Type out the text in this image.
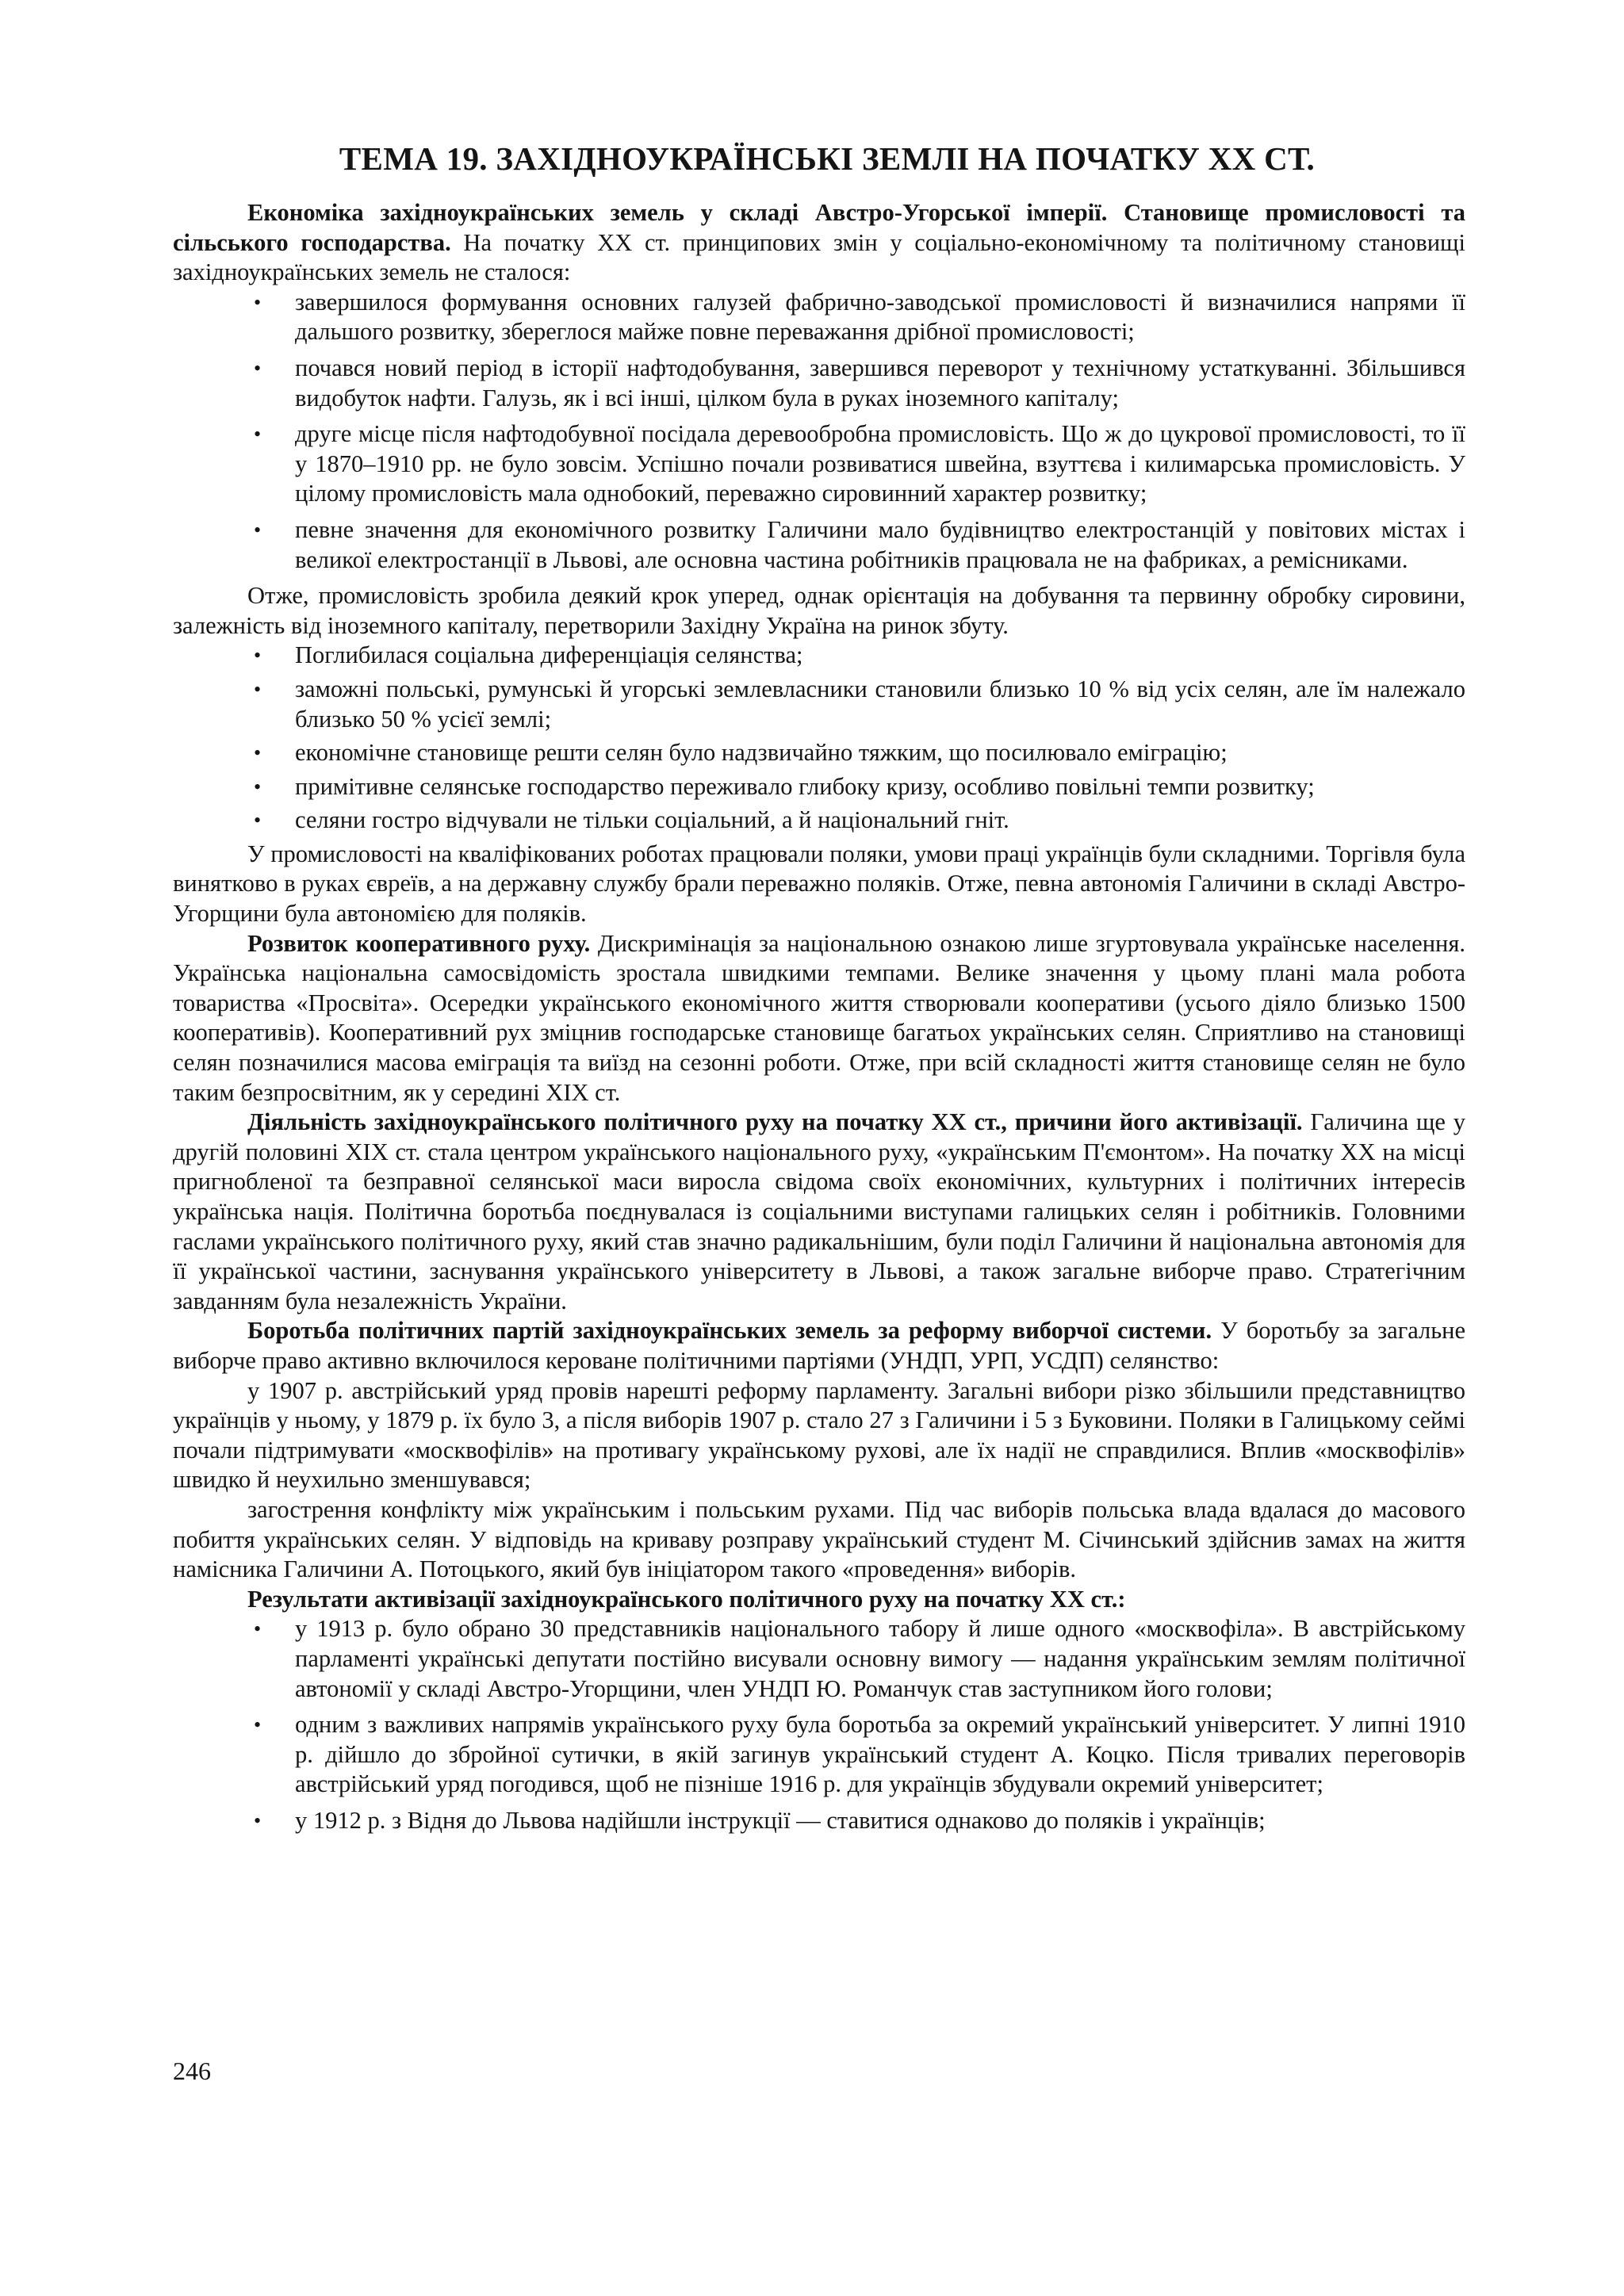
ТЕМА 19. ЗАХІДНОУКРАЇНСЬКІ ЗЕМЛІ НА ПОЧАТКУ XX СТ.

Економіка західноукраїнських земель у складі Австро-Угорської імперії. Становище промисловості та сільського господарства. На початку XX ст. принципових змін у соціально-економічному та політичному становищі західноукраїнських земель не сталося:

• завершилося формування основних галузей фабрично-заводської промисловості й визначилися напрями її дальшого розвитку, збереглося майже повне переважання дрібної промисловості;
• почався новий період в історії нафтодобування, завершився переворот у технічному устаткуванні. Збільшився видобуток нафти. Галузь, як і всі інші, цілком була в руках іноземного капіталу;
• друге місце після нафтодобувної посідала деревообробна промисловість. Що ж до цукрової промисловості, то її у 1870–1910 рр. не було зовсім. Успішно почали розвиватися швейна, взуттєва і килимарська промисловість. У цілому промисловість мала однобокий, переважно сировинний характер розвитку;
• певне значення для економічного розвитку Галичини мало будівництво електростанцій у повітових містах і великої електростанції в Львові, але основна частина робітників працювала не на фабриках, а ремісниками.

Отже, промисловість зробила деякий крок уперед, однак орієнтація на добування та первинну обробку сировини, залежність від іноземного капіталу, перетворили Західну Україна на ринок збуту.

• Поглибилася соціальна диференціація селянства;
• заможні польські, румунські й угорські землевласники становили близько 10 % від усіх селян, але їм належало близько 50 % усієї землі;
• економічне становище решти селян було надзвичайно тяжким, що посилювало еміграцію;
• примітивне селянське господарство переживало глибоку кризу, особливо повільні темпи розвитку;
• селяни гостро відчували не тільки соціальний, а й національний гніт.

У промисловості на кваліфікованих роботах працювали поляки, умови праці українців були складними. Торгівля була винятково в руках євреїв, а на державну службу брали переважно поляків. Отже, певна автономія Галичини в складі Австро-Угорщини була автономією для поляків.

Розвиток кооперативного руху. Дискримінація за національною ознакою лише згуртовувала українське населення. Українська національна самосвідомість зростала швидкими темпами. Велике значення у цьому плані мала робота товариства «Просвіта». Осередки українського економічного життя створювали кооперативи (усього діяло близько 1500 кооперативів). Кооперативний рух зміцнив господарське становище багатьох українських селян. Сприятливо на становищі селян позначилися масова еміграція та виїзд на сезонні роботи. Отже, при всій складності життя становище селян не було таким безпросвітним, як у середині XIX ст.

Діяльність західноукраїнського політичного руху на початку XX ст., причини його активізації. Галичина ще у другій половині XIX ст. стала центром українського національного руху, «українським П'ємонтом». На початку XX на місці пригнобленої та безправної селянської маси виросла свідома своїх економічних, культурних і політичних інтересів українська нація. Політична боротьба поєднувалася із соціальними виступами галицьких селян і робітників. Головними гаслами українського політичного руху, який став значно радикальнішим, були поділ Галичини й національна автономія для її української частини, заснування українського університету в Львові, а також загальне виборче право. Стратегічним завданням була незалежність України.

Боротьба політичних партій західноукраїнських земель за реформу виборчої системи. У боротьбу за загальне виборче право активно включилося кероване політичними партіями (УНДП, УРП, УСДП) селянство:

у 1907 р. австрійський уряд провів нарешті реформу парламенту. Загальні вибори різко збільшили представництво українців у ньому, у 1879 р. їх було 3, а після виборів 1907 р. стало 27 з Галичини і 5 з Буковини. Поляки в Галицькому сеймі почали підтримувати «москвофілів» на противагу українському рухові, але їх надії не справдилися. Вплив «москвофілів» швидко й неухильно зменшувався;

загострення конфлікту між українським і польським рухами. Під час виборів польська влада вдалася до масового побиття українських селян. У відповідь на криваву розправу український студент М. Січинський здійснив замах на життя намісника Галичини А. Потоцького, який був ініціатором такого «проведення» виборів.

Результати активізації західноукраїнського політичного руху на початку XX ст.:

• у 1913 р. було обрано 30 представників національного табору й лише одного «москвофіла». В австрійському парламенті українські депутати постійно висували основну вимогу — надання українським землям політичної автономії у складі Австро-Угорщини, член УНДП Ю. Романчук став заступником його голови;
• одним з важливих напрямів українського руху була боротьба за окремий український університет. У липні 1910 р. дійшло до збройної сутички, в якій загинув український студент А. Коцко. Після тривалих переговорів австрійський уряд погодився, щоб не пізніше 1916 р. для українців збудували окремий університет;
• у 1912 р. з Відня до Львова надійшли інструкції — ставитися однаково до поляків і українців;
246
